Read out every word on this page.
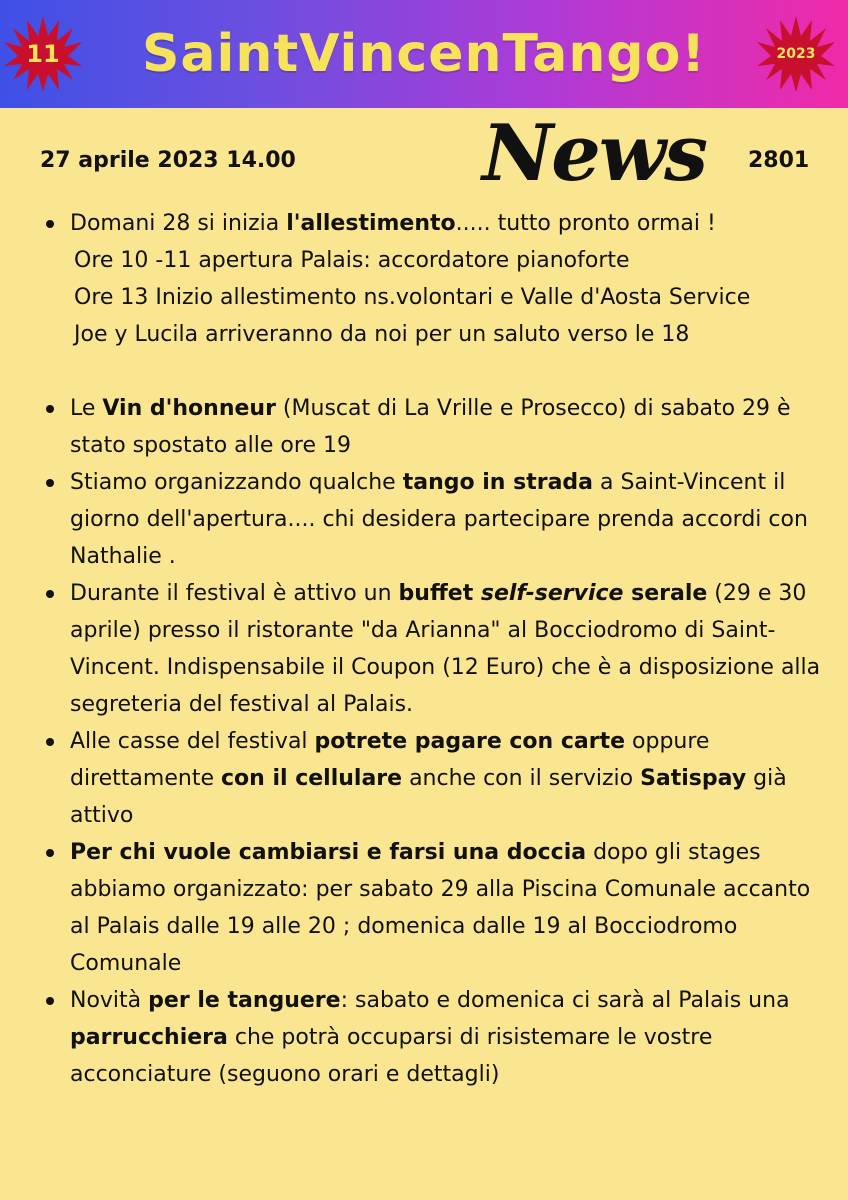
11	SaintVincenTango!	2023
27 aprile 2023 14.00 News 2801
Domani 28 si inizia l'allestimento..... tutto pronto ormai !
Ore 10 -11 apertura Palais: accordatore pianoforte
Ore 13 Inizio allestimento ns.volontari e Valle d'Aosta Service
Joe y Lucila arriveranno da noi per un saluto verso le 18
Le Vin d'honneur (Muscat di La Vrille e Prosecco) di sabato 29 è stato spostato alle ore 19
Stiamo organizzando qualche tango in strada a Saint-Vincent il giorno dell'apertura.... chi desidera partecipare prenda accordi con Nathalie .
Durante il festival è attivo un buffet self-service serale (29 e 30 aprile) presso il ristorante "da Arianna" al Bocciodromo di Saint-Vincent. Indispensabile il Coupon (12 Euro) che è a disposizione alla segreteria del festival al Palais.
Alle casse del festival potrete pagare con carte oppure direttamente con il cellulare anche con il servizio Satispay già attivo
Per chi vuole cambiarsi e farsi una doccia dopo gli stages abbiamo organizzato: per sabato 29 alla Piscina Comunale accanto al Palais dalle 19 alle 20 ; domenica dalle 19 al Bocciodromo Comunale
Novità per le tanguere: sabato e domenica ci sarà al Palais una parrucchiera che potrà occuparsi di risistemare le vostre acconciature (seguono orari e dettagli)
